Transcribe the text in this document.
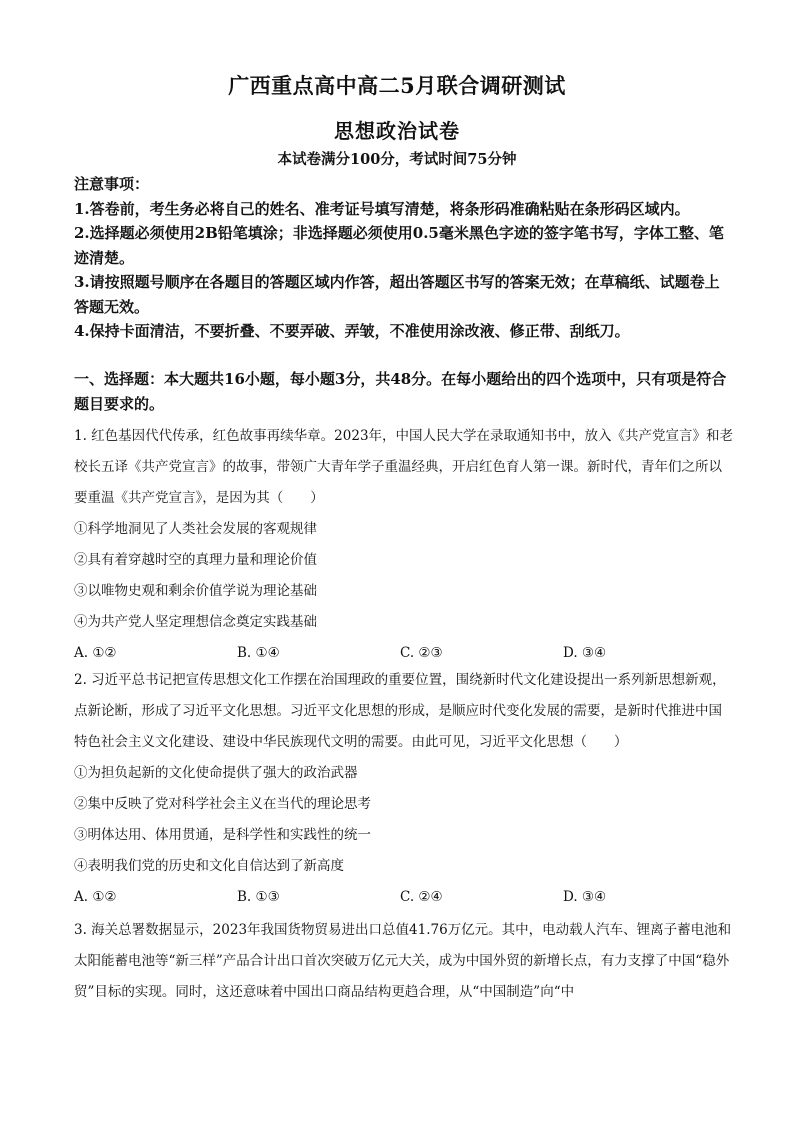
广西重点高中高二5月联合调研测试
思想政治试卷
本试卷满分100分，考试时间75分钟

注意事项：

1.答卷前，考生务必将自己的姓名、准考证号填写清楚，将条形码准确粘贴在条形码区域内。

2.选择题必须使用2B铅笔填涂；非选择题必须使用0.5毫米黑色字迹的签字笔书写，字体工整、笔迹清楚。

3.请按照题号顺序在各题目的答题区域内作答，超出答题区书写的答案无效；在草稿纸、试题卷上答题无效。

4.保持卡面清洁，不要折叠、不要弄破、弄皱，不准使用涂改液、修正带、刮纸刀。

一、选择题：本大题共16小题，每小题3分，共48分。在每小题给出的四个选项中，只有项是符合题目要求的。

1. 红色基因代代传承，红色故事再续华章。2023年，中国人民大学在录取通知书中，放入《共产党宣言》和老校长五译《共产党宣言》的故事，带领广大青年学子重温经典，开启红色育人第一课。新时代，青年们之所以要重温《共产党宣言》，是因为其（　　）

①科学地洞见了人类社会发展的客观规律

②具有着穿越时空的真理力量和理论价值

③以唯物史观和剩余价值学说为理论基础

④为共产党人坚定理想信念奠定实践基础

A. ①②	B. ①④	C. ②③	D. ③④

2. 习近平总书记把宣传思想文化工作摆在治国理政的重要位置，围绕新时代文化建设提出一系列新思想新观，点新论断，形成了习近平文化思想。习近平文化思想的形成，是顺应时代变化发展的需要，是新时代推进中国特色社会主义文化建设、建设中华民族现代文明的需要。由此可见，习近平文化思想（　　）

①为担负起新的文化使命提供了强大的政治武器

②集中反映了党对科学社会主义在当代的理论思考

③明体达用、体用贯通，是科学性和实践性的统一

④表明我们党的历史和文化自信达到了新高度

A. ①②	B. ①③	C. ②④	D. ③④

3. 海关总署数据显示，2023年我国货物贸易进出口总值41.76万亿元。其中，电动载人汽车、锂离子蓄电池和太阳能蓄电池等“新三样”产品合计出口首次突破万亿元大关，成为中国外贸的新增长点，有力支撑了中国“稳外贸”目标的实现。同时，这还意味着中国出口商品结构更趋合理，从“中国制造”向“中
